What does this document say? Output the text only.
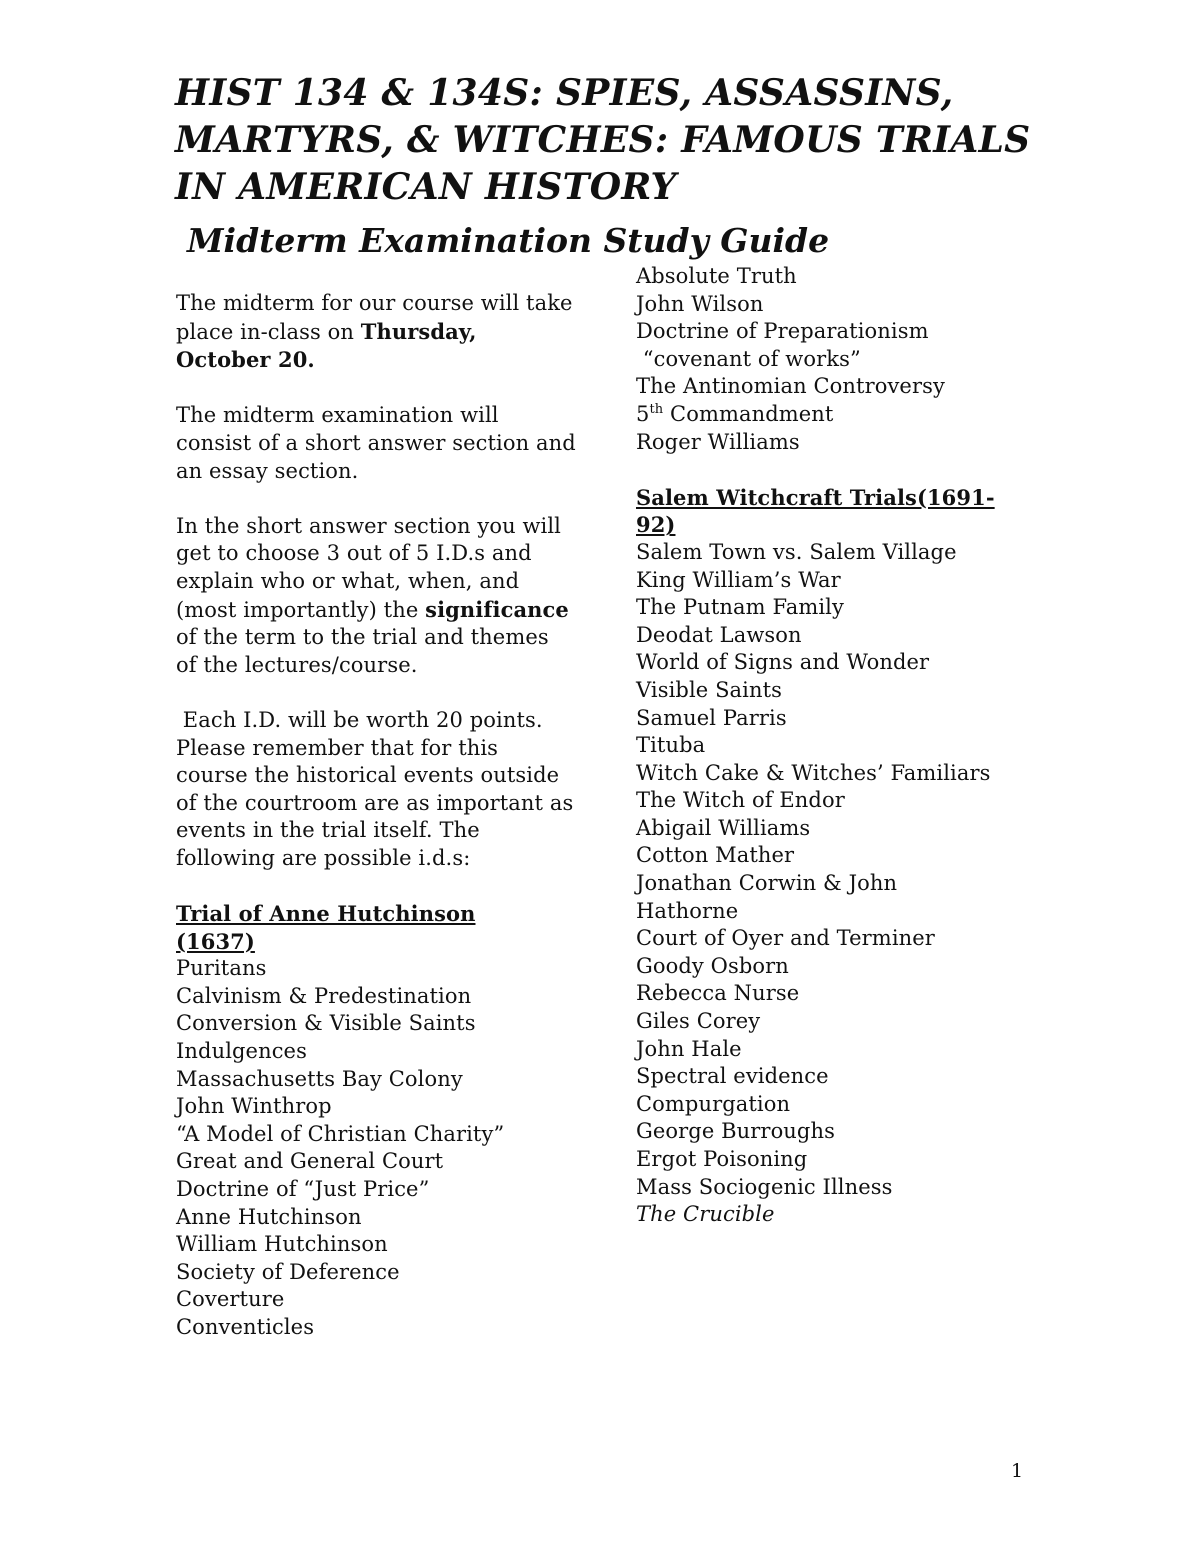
HIST 134 & 134S: SPIES, ASSASSINS,
MARTYRS, & WITCHES: FAMOUS TRIALS
IN AMERICAN HISTORY
Midterm Examination Study Guide

The midterm for our course will take place in-class on Thursday, October 20.

The midterm examination will consist of a short answer section and an essay section.

In the short answer section you will get to choose 3 out of 5 I.D.s and explain who or what, when, and (most importantly) the significance of the term to the trial and themes of the lectures/course.

Each I.D. will be worth 20 points. Please remember that for this course the historical events outside of the courtroom are as important as events in the trial itself. The following are possible i.d.s:

Trial of Anne Hutchinson (1637)

Puritans
Calvinism & Predestination
Conversion & Visible Saints
Indulgences
Massachusetts Bay Colony
John Winthrop
“A Model of Christian Charity”
Great and General Court
Doctrine of “Just Price”
Anne Hutchinson
William Hutchinson
Society of Deference
Coverture
Conventicles
Absolute Truth
John Wilson
Doctrine of Preparationism
“covenant of works”
The Antinomian Controversy
5th Commandment
Roger Williams

Salem Witchcraft Trials(1691-92)

Salem Town vs. Salem Village
King William’s War
The Putnam Family
Deodat Lawson
World of Signs and Wonder
Visible Saints
Samuel Parris
Tituba
Witch Cake & Witches’ Familiars
The Witch of Endor
Abigail Williams
Cotton Mather
Jonathan Corwin & John Hathorne
Court of Oyer and Terminer
Goody Osborn
Rebecca Nurse
Giles Corey
John Hale
Spectral evidence
Compurgation
George Burroughs
Ergot Poisoning
Mass Sociogenic Illness
The Crucible
1
